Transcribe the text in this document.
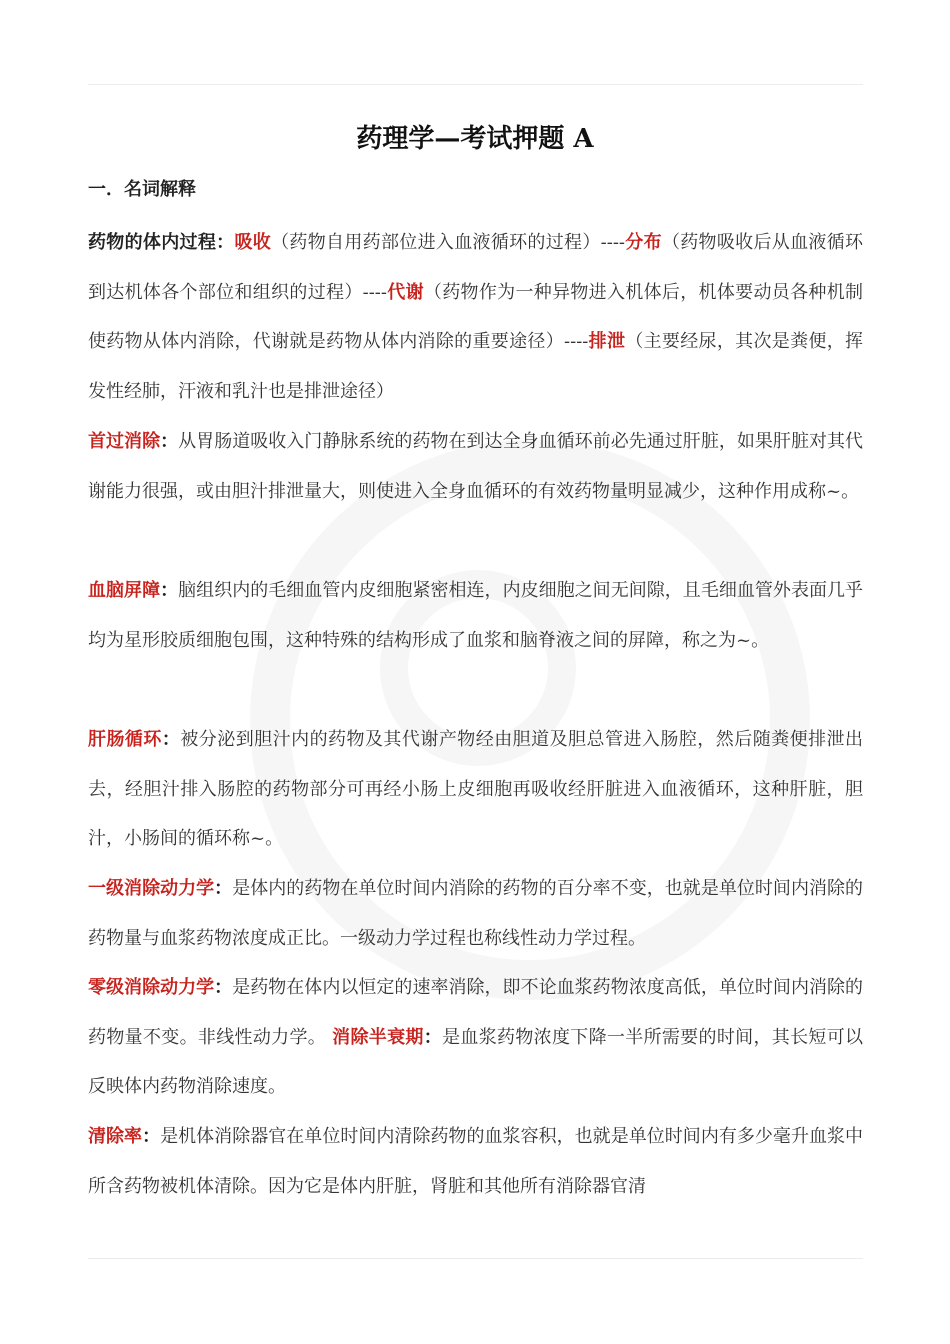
药理学—考试押题 A
一．名词解释

药物的体内过程：吸收（药物自用药部位进入血液循环的过程）----分布（药物吸收后从血液循环到达机体各个部位和组织的过程）----代谢（药物作为一种异物进入机体后，机体要动员各种机制使药物从体内消除，代谢就是药物从体内消除的重要途径）----排泄（主要经尿，其次是粪便，挥发性经肺，汗液和乳汁也是排泄途径）

首过消除：从胃肠道吸收入门静脉系统的药物在到达全身血循环前必先通过肝脏，如果肝脏对其代谢能力很强，或由胆汁排泄量大，则使进入全身血循环的有效药物量明显减少，这种作用成称~。

血脑屏障：脑组织内的毛细血管内皮细胞紧密相连，内皮细胞之间无间隙，且毛细血管外表面几乎均为星形胶质细胞包围，这种特殊的结构形成了血浆和脑脊液之间的屏障，称之为~。

肝肠循环：被分泌到胆汁内的药物及其代谢产物经由胆道及胆总管进入肠腔，然后随粪便排泄出去，经胆汁排入肠腔的药物部分可再经小肠上皮细胞再吸收经肝脏进入血液循环，这种肝脏，胆汁，小肠间的循环称~。

一级消除动力学：是体内的药物在单位时间内消除的药物的百分率不变，也就是单位时间内消除的药物量与血浆药物浓度成正比。一级动力学过程也称线性动力学过程。

零级消除动力学：是药物在体内以恒定的速率消除，即不论血浆药物浓度高低，单位时间内消除的药物量不变。非线性动力学。 消除半衰期：是血浆药物浓度下降一半所需要的时间，其长短可以反映体内药物消除速度。

清除率：是机体消除器官在单位时间内清除药物的血浆容积，也就是单位时间内有多少毫升血浆中所含药物被机体清除。因为它是体内肝脏，肾脏和其他所有消除器官清
